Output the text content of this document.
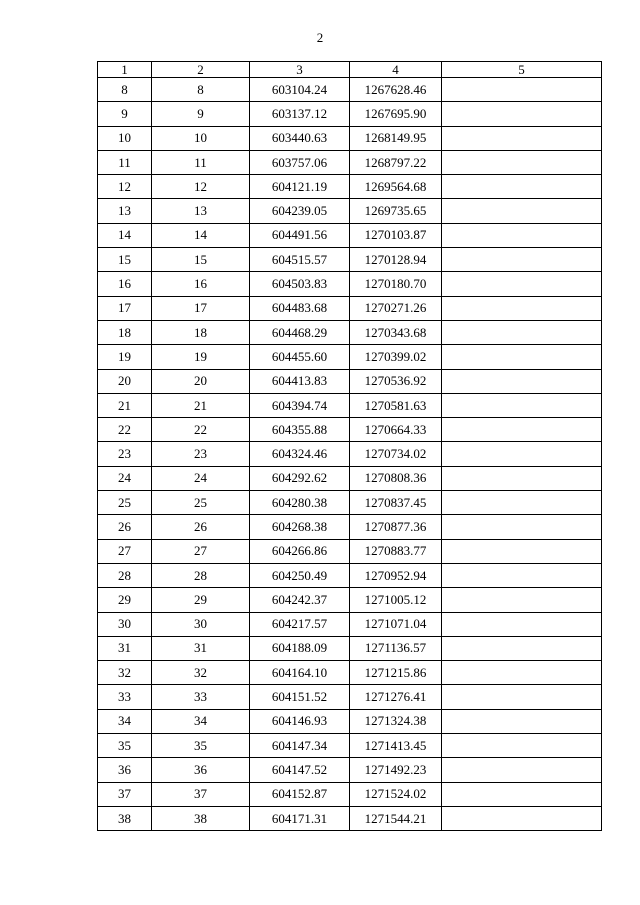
2
1	2	3	4	5
8	8	603104.24	1267628.46	
9	9	603137.12	1267695.90	
10	10	603440.63	1268149.95	
11	11	603757.06	1268797.22	
12	12	604121.19	1269564.68	
13	13	604239.05	1269735.65	
14	14	604491.56	1270103.87	
15	15	604515.57	1270128.94	
16	16	604503.83	1270180.70	
17	17	604483.68	1270271.26	
18	18	604468.29	1270343.68	
19	19	604455.60	1270399.02	
20	20	604413.83	1270536.92	
21	21	604394.74	1270581.63	
22	22	604355.88	1270664.33	
23	23	604324.46	1270734.02	
24	24	604292.62	1270808.36	
25	25	604280.38	1270837.45	
26	26	604268.38	1270877.36	
27	27	604266.86	1270883.77	
28	28	604250.49	1270952.94	
29	29	604242.37	1271005.12	
30	30	604217.57	1271071.04	
31	31	604188.09	1271136.57	
32	32	604164.10	1271215.86	
33	33	604151.52	1271276.41	
34	34	604146.93	1271324.38	
35	35	604147.34	1271413.45	
36	36	604147.52	1271492.23	
37	37	604152.87	1271524.02	
38	38	604171.31	1271544.21	
